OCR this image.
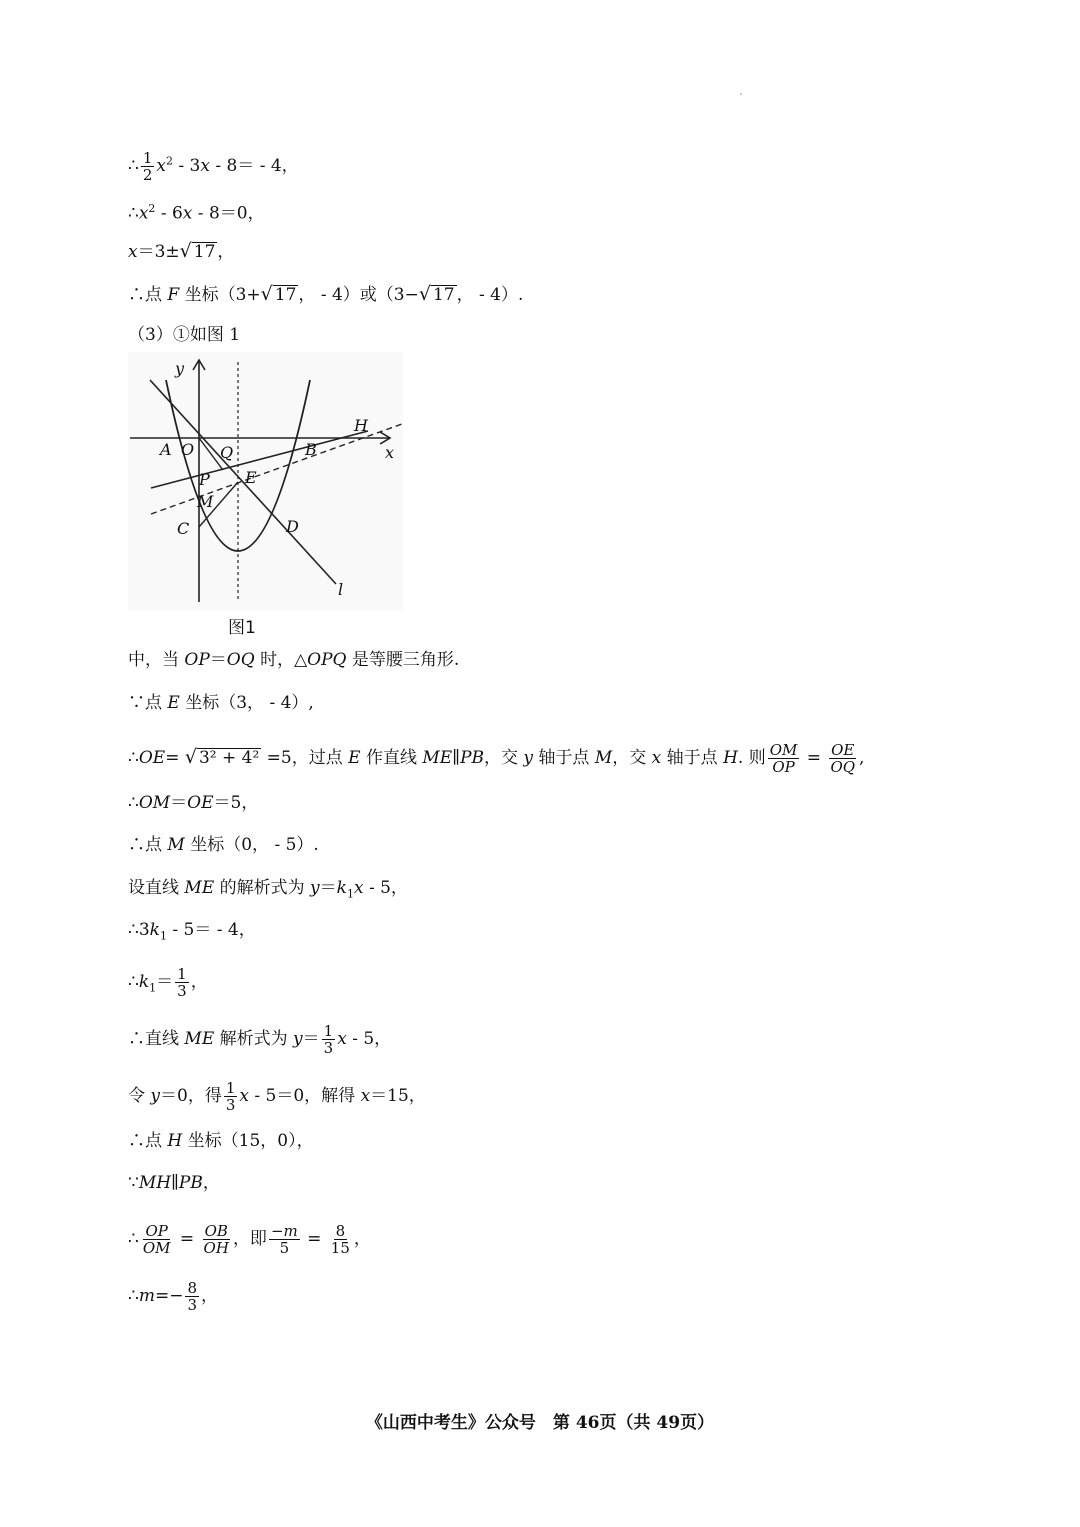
∴ $\frac{1}{2} x^2 - 3x - 8= - 4$，
$\therefore x^2 - 6x - 8=0$，
x＝3±√ 17 ，
∴点 F 坐标（3+√ 17 ， - 4）或（3−√ 17 ， - 4）.
（3）①如图 1
y
x
A O Q	B
H
P E
M
C	D
l
图1
中，当 OP＝OQ 时，△OPQ 是等腰三角形.
∵点 E 坐标（3， - 4）,
∴OE= √ 3² + 4² =5，过点 E 作直线 ME∥PB，交 y 轴于点 M，交 x 轴于点 H. 则 $\frac{OM}{OP} = \frac{OE}{OQ}$ ,
∴OM＝OE＝5，
∴点 M 坐标（0， - 5）.
设直线 ME 的解析式为 $y=k_1x - 5$，
$\therefore 3k_1 - 5= - 4$，
$\therefore k_1= \frac{1}{3}$ ，
∴直线 ME 解析式为 $y= \frac{1}{3}$ x - 5，
令 y＝0，得 $\frac{1}{3}$ x - 5＝0，解得 x＝15，
∴点 H 坐标（15，0），
∵MH∥PB，
∴ $\frac{OP}{OM} = \frac{OB}{OH}$ ，即 $\frac{-m}{5} = \frac{8}{15}$ ，
∴m=− $\frac{8}{3}$ ，
《山西中考生》公众号　第 46页（共 49页）
